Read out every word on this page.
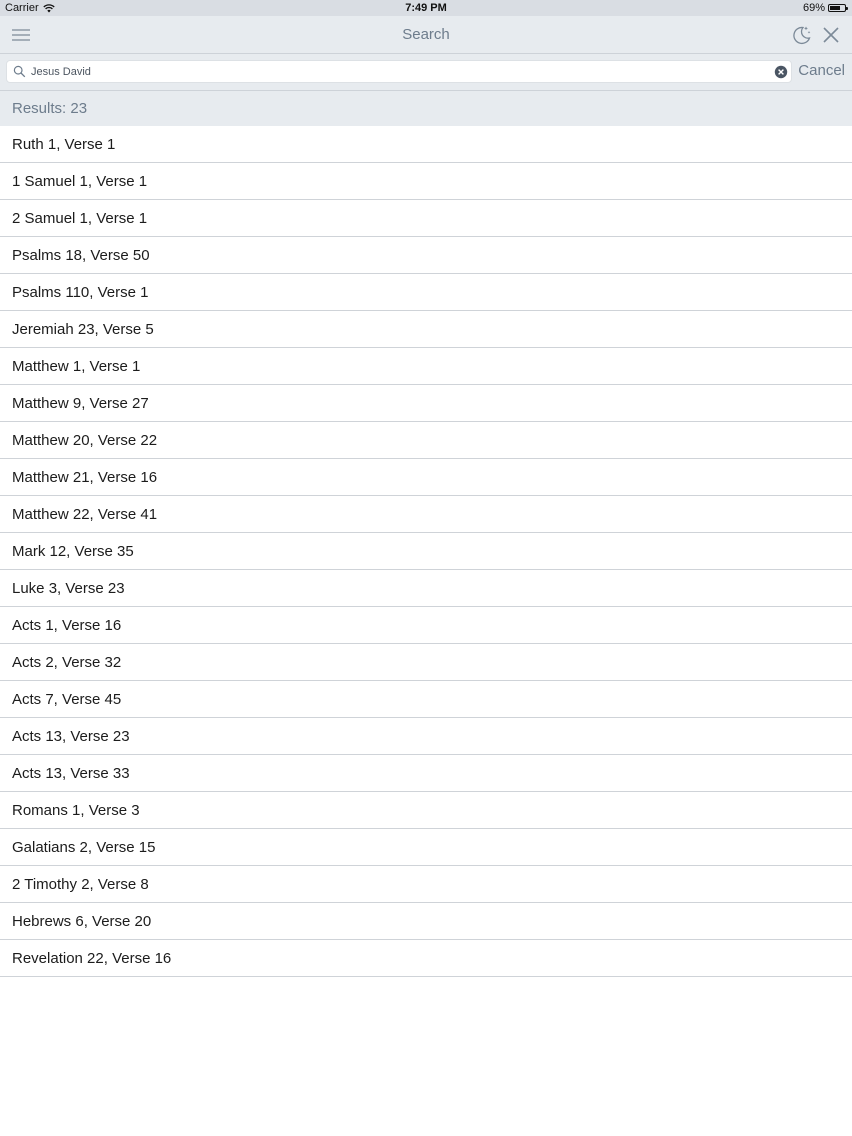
Carrier	7:49 PM	69%
Search
Jesus David
Cancel
Results: 23
Ruth 1, Verse 1
1 Samuel 1, Verse 1
2 Samuel 1, Verse 1
Psalms 18, Verse 50
Psalms 110, Verse 1
Jeremiah 23, Verse 5
Matthew 1, Verse 1
Matthew 9, Verse 27
Matthew 20, Verse 22
Matthew 21, Verse 16
Matthew 22, Verse 41
Mark 12, Verse 35
Luke 3, Verse 23
Acts 1, Verse 16
Acts 2, Verse 32
Acts 7, Verse 45
Acts 13, Verse 23
Acts 13, Verse 33
Romans 1, Verse 3
Galatians 2, Verse 15
2 Timothy 2, Verse 8
Hebrews 6, Verse 20
Revelation 22, Verse 16
